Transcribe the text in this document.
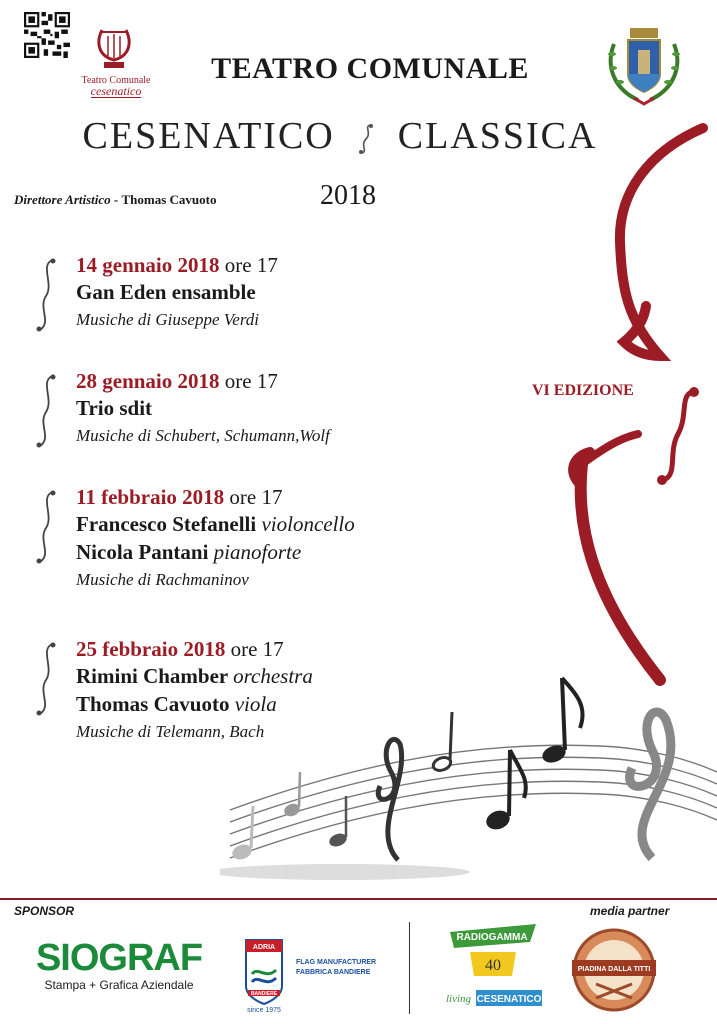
Teatro Comunale
cesenatico
TEATRO COMUNALE
CESENATICO CLASSICA
Direttore Artistico - Thomas Cavuoto	2018
VI EDIZIONE
14 gennaio 2018 ore 17
Gan Eden ensamble
Musiche di Giuseppe Verdi
28 gennaio 2018 ore 17
Trio sdit
Musiche di Schubert, Schumann,Wolf
11 febbraio 2018 ore 17
Francesco Stefanelli violoncello
Nicola Pantani pianoforte
Musiche di Rachmaninov
25 febbraio 2018 ore 17
Rimini Chamber orchestra
Thomas Cavuoto viola
Musiche di Telemann, Bach
SPONSOR	media partner
SIOGRAF
Stampa + Grafica Aziendale
ADRIA
BANDIERE
since 1975
FLAG MANUFACTURER
FABBRICA BANDIERE
RADIOGAMMA
40
living CESENATICO
PIADINA DALLA TITTI
